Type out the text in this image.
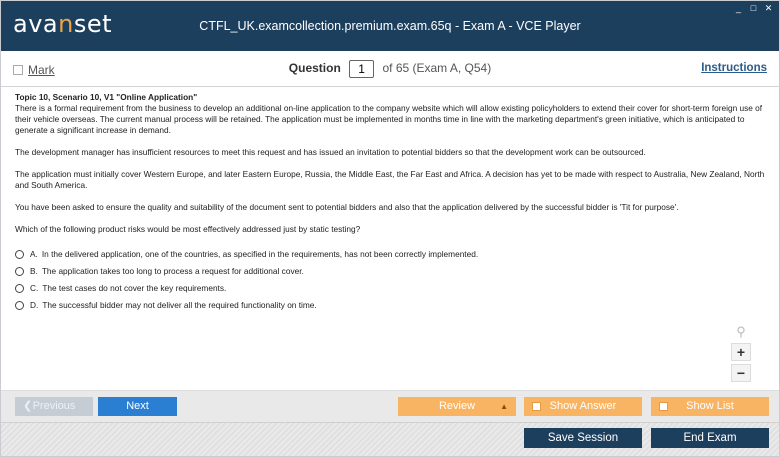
avanset	CTFL_UK.examcollection.premium.exam.65q - Exam A - VCE Player
_ □ ✕
Mark	Question 1 of 65 (Exam A, Q54)	Instructions
Topic 10, Scenario 10, V1 "Online Application"
There is a formal requirement from the business to develop an additional on-line application to the company website which will allow existing policyholders to extend their cover for short-term foreign use of their vehicle overseas. The current manual process will be retained. The application must be implemented in months time in line with the marketing department's green initiative, which is anticipated to generate a significant increase in demand.

The development manager has insufficient resources to meet this request and has issued an invitation to potential bidders so that the development work can be outsourced.

The application must initially cover Western Europe, and later Eastern Europe, Russia, the Middle East, the Far East and Africa. A decision has yet to be made with respect to Australia, New Zealand, North and South America.

You have been asked to ensure the quality and suitability of the document sent to potential bidders and also that the application delivered by the successful bidder is 'Tit for purpose'.

Which of the following product risks would be most effectively addressed just by static testing?

A. In the delivered application, one of the countries, as specified in the requirements, has not been correctly implemented.
B. The application takes too long to process a request for additional cover.
C. The test cases do not cover the key requirements.
D. The successful bidder may not deliver all the required functionality on time.
⚲
+
−
❮ Previous	Next	Review	▲	Show Answer	Show List
Save Session	End Exam
